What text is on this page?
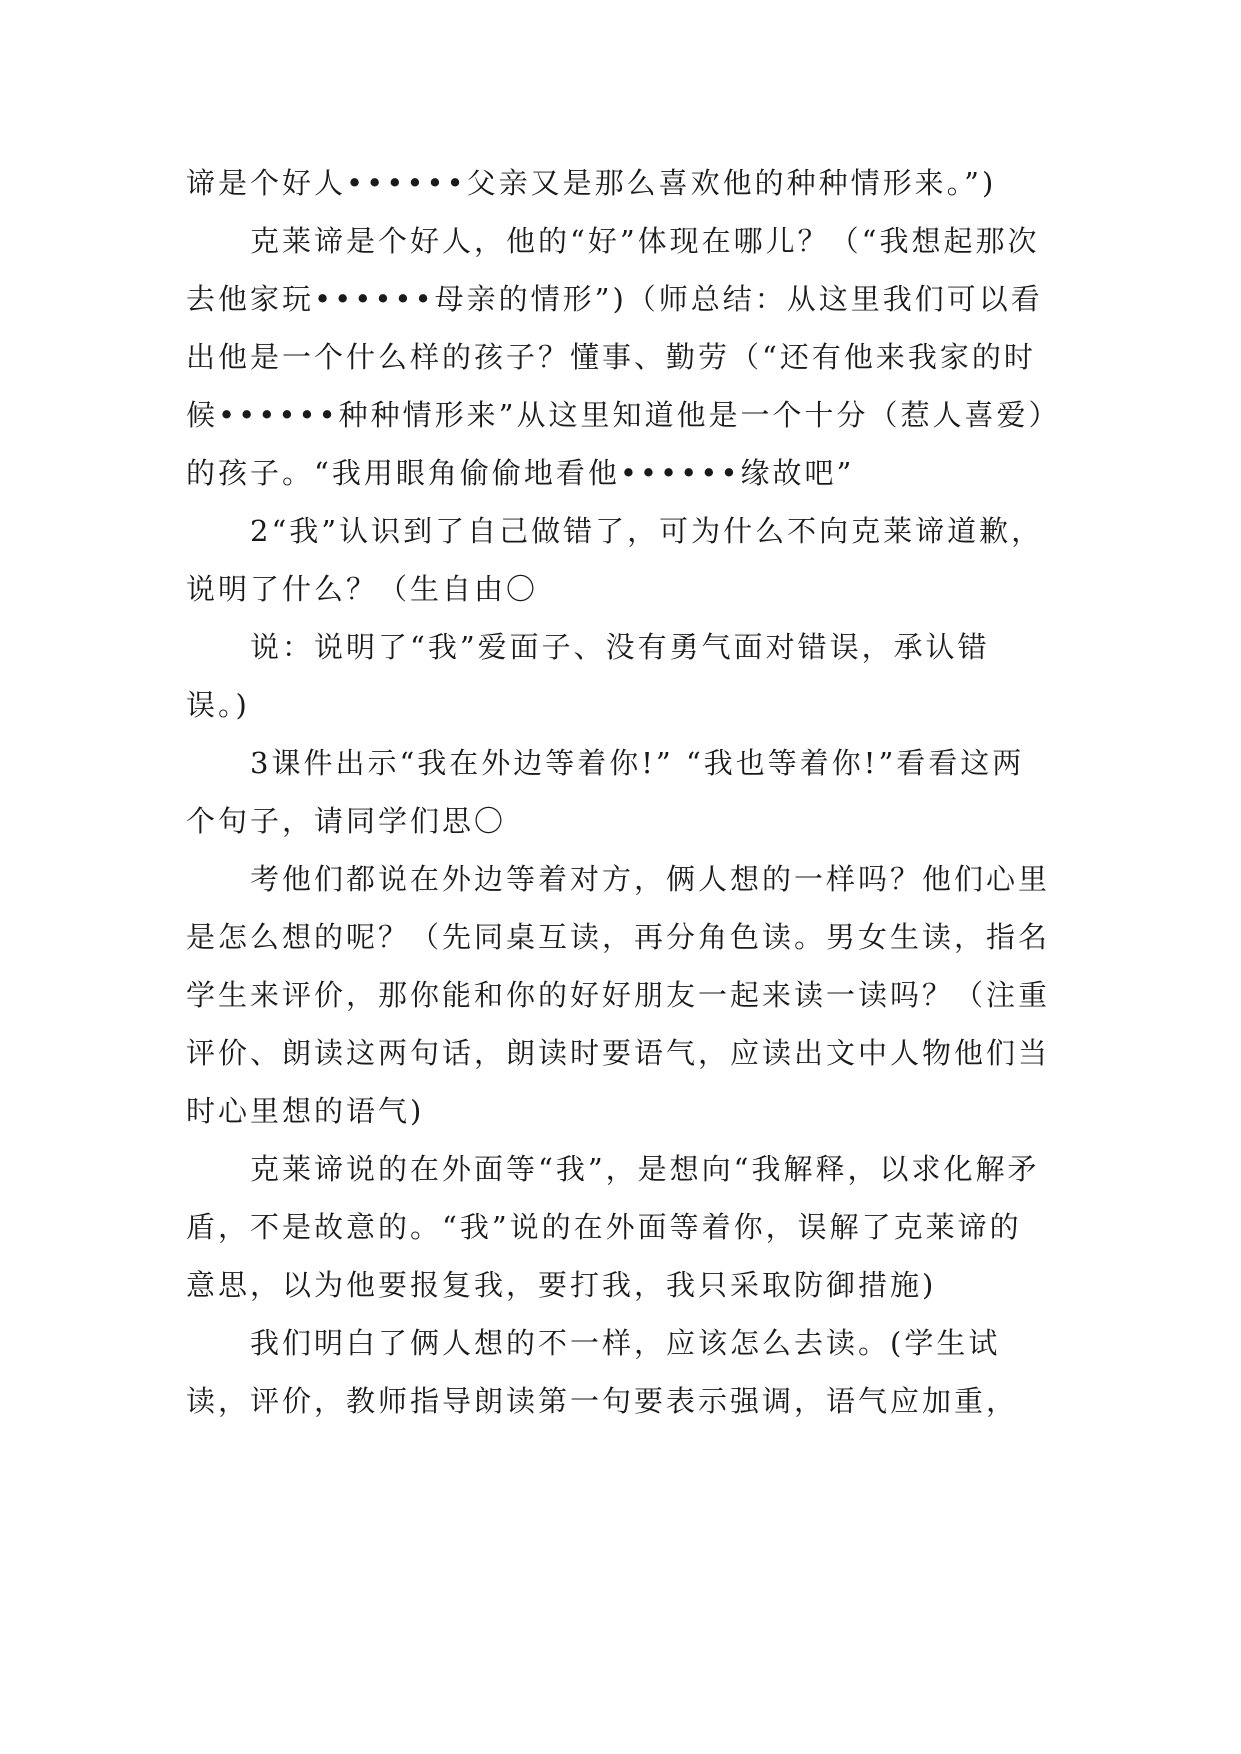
谛是个好人••••••父亲又是那么喜欢他的种种情形来。”)

克莱谛是个好人，他的“好”体现在哪儿？（“我想起那次去他家玩••••••母亲的情形”)（师总结：从这里我们可以看出他是一个什么样的孩子？懂事、勤劳（“还有他来我家的时候••••••种种情形来”从这里知道他是一个十分（惹人喜爱）的孩子。“我用眼角偷偷地看他••••••缘故吧”

2“我”认识到了自己做错了，可为什么不向克莱谛道歉，说明了什么？（生自由〇

说：说明了“我”爱面子、没有勇气面对错误，承认错误。)

3课件出示“我在外边等着你!” “我也等着你!”看看这两个句子，请同学们思〇

考他们都说在外边等着对方，俩人想的一样吗？他们心里是怎么想的呢？（先同桌互读，再分角色读。男女生读，指名学生来评价，那你能和你的好好朋友一起来读一读吗？（注重评价、朗读这两句话，朗读时要语气，应读出文中人物他们当时心里想的语气)

克莱谛说的在外面等“我”，是想向“我解释，以求化解矛盾，不是故意的。“我”说的在外面等着你，误解了克莱谛的意思，以为他要报复我，要打我，我只采取防御措施)

我们明白了俩人想的不一样，应该怎么去读。(学生试读，评价，教师指导朗读第一句要表示强调，语气应加重，
